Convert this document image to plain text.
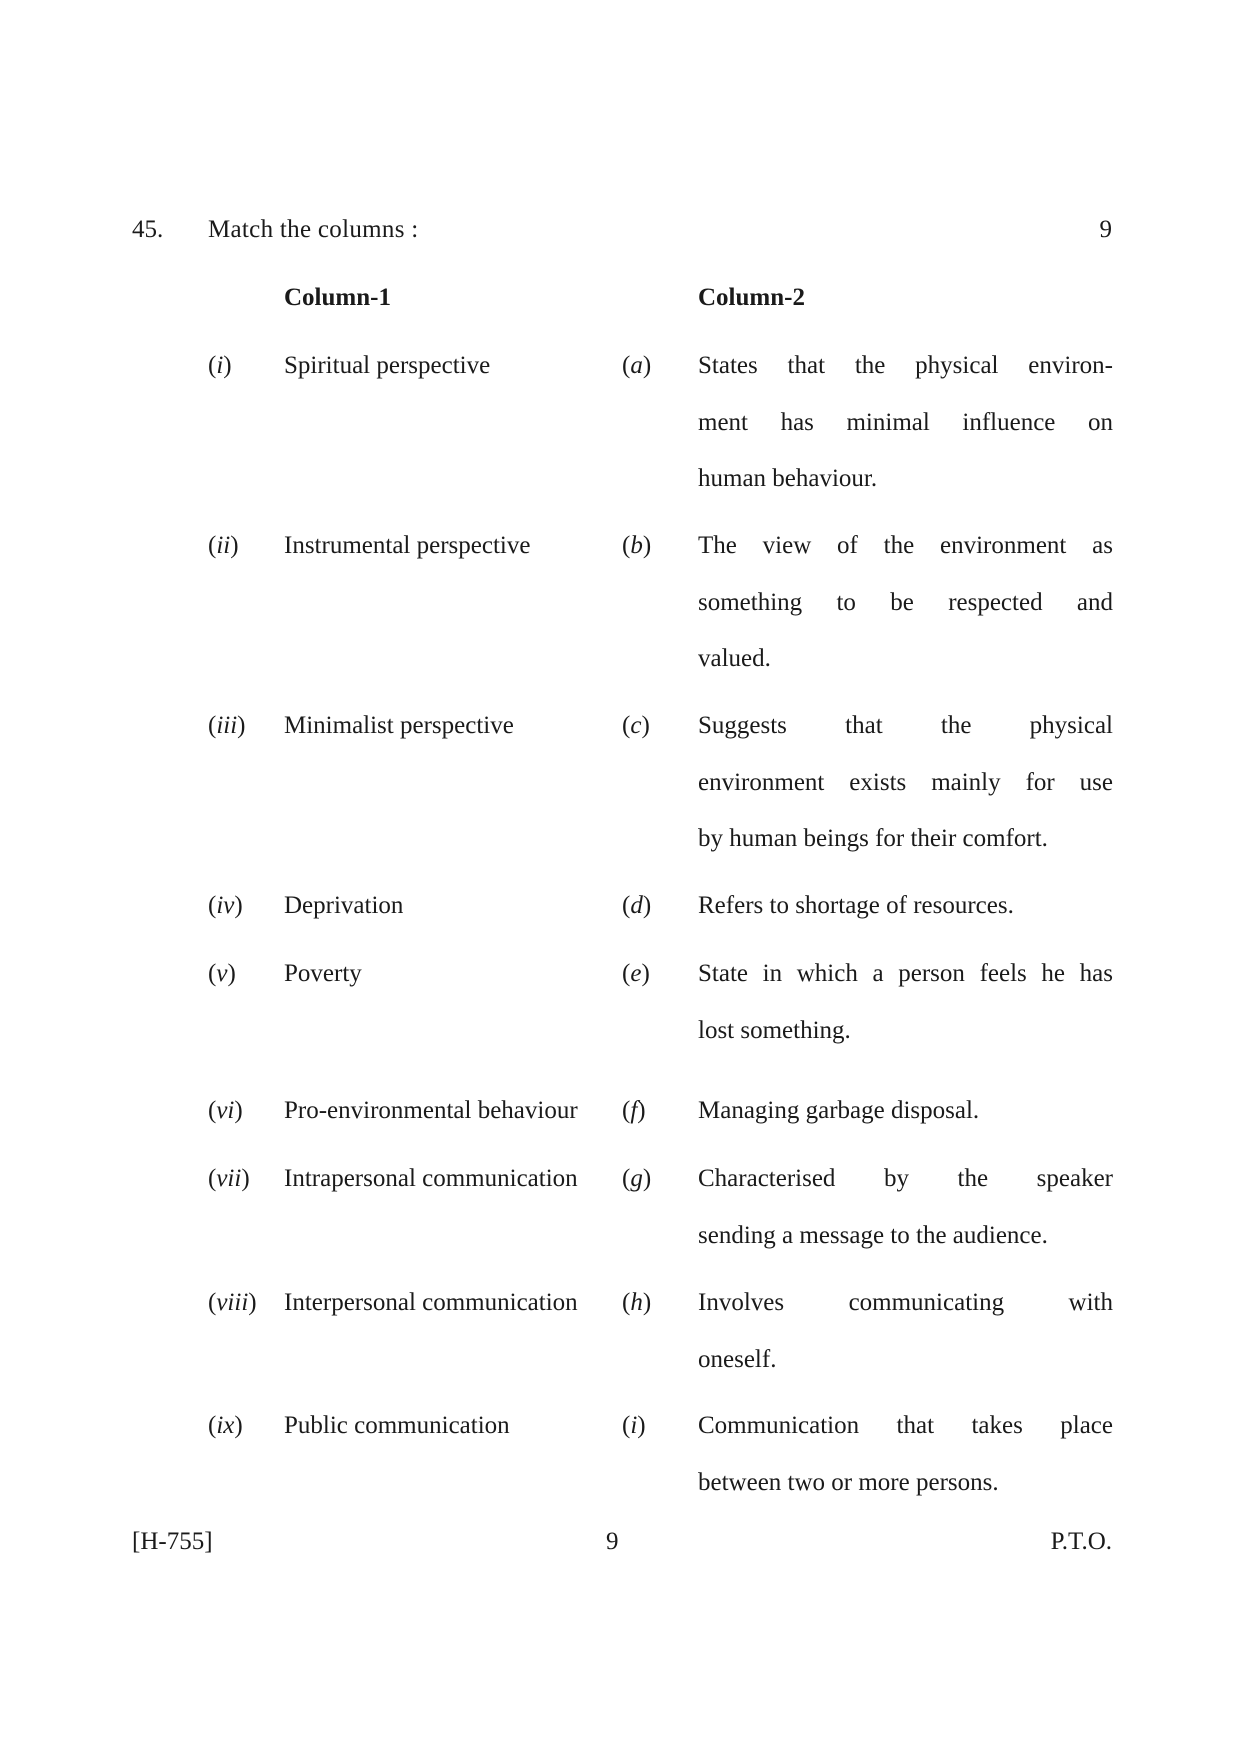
45. Match the columns :	9
Column-1	Column-2
(i) Spiritual perspective	(a) States that the physical environ-
ment has minimal influence on
human behaviour.
(ii) Instrumental perspective	(b) The view of the environment as
something to be respected and
valued.
(iii) Minimalist perspective	(c) Suggests that the physical
environment exists mainly for use
by human beings for their comfort.
(iv) Deprivation	(d) Refers to shortage of resources.
(v) Poverty	(e) State in which a person feels he has
lost something.
(vi) Pro-environmental behaviour (f) Managing garbage disposal.
(vii) Intrapersonal communication (g) Characterised by the speaker
sending a message to the audience.
(viii) Interpersonal communication (h) Involves communicating with
oneself.
(ix) Public communication	(i) Communication that takes place
between two or more persons.
[H-755]	9	P.T.O.
